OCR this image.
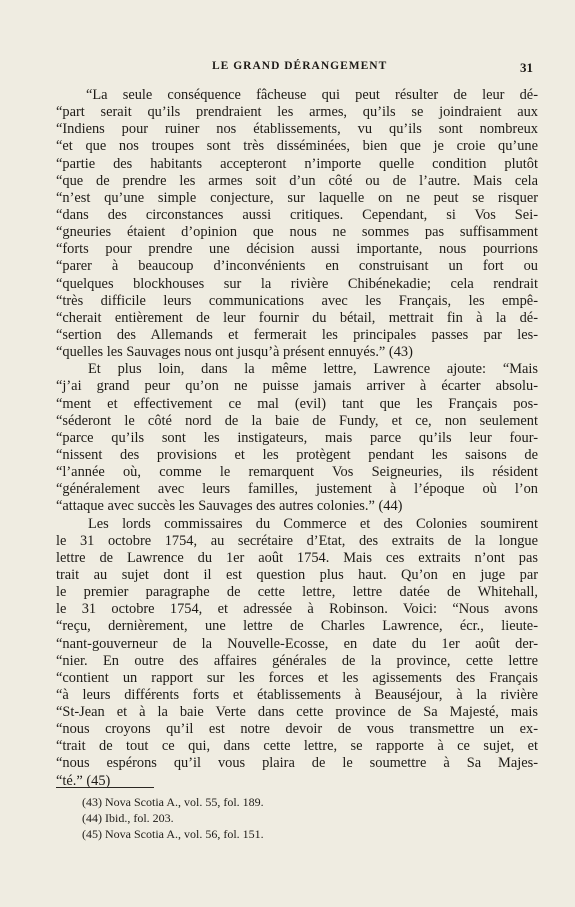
LE GRAND DÉRANGEMENT	31
“La seule conséquence fâcheuse qui peut résulter de leur dé-
“part serait qu’ils prendraient les armes, qu’ils se joindraient aux
“Indiens pour ruiner nos établissements, vu qu’ils sont nombreux
“et que nos troupes sont très disséminées, bien que je croie qu’une
“partie des habitants accepteront n’importe quelle condition plutôt
“que de prendre les armes soit d’un côté ou de l’autre. Mais cela
“n’est qu’une simple conjecture, sur laquelle on ne peut se risquer
“dans des circonstances aussi critiques. Cependant, si Vos Sei-
“gneuries étaient d’opinion que nous ne sommes pas suffisamment
“forts pour prendre une décision aussi importante, nous pourrions
“parer à beaucoup d’inconvénients en construisant un fort ou
“quelques blockhouses sur la rivière Chibénekadie; cela rendrait
“très difficile leurs communications avec les Français, les empê-
“cherait entièrement de leur fournir du bétail, mettrait fin à la dé-
“sertion des Allemands et fermerait les principales passes par les-
“quelles les Sauvages nous ont jusqu’à présent ennuyés.” (43)
Et plus loin, dans la même lettre, Lawrence ajoute: “Mais
“j’ai grand peur qu’on ne puisse jamais arriver à écarter absolu-
“ment et effectivement ce mal (evil) tant que les Français pos-
“séderont le côté nord de la baie de Fundy, et ce, non seulement
“parce qu’ils sont les instigateurs, mais parce qu’ils leur four-
“nissent des provisions et les protègent pendant les saisons de
“l’année où, comme le remarquent Vos Seigneuries, ils résident
“généralement avec leurs familles, justement à l’époque où l’on
“attaque avec succès les Sauvages des autres colonies.” (44)
Les lords commissaires du Commerce et des Colonies soumirent
le 31 octobre 1754, au secrétaire d’Etat, des extraits de la longue
lettre de Lawrence du 1er août 1754. Mais ces extraits n’ont pas
trait au sujet dont il est question plus haut. Qu’on en juge par
le premier paragraphe de cette lettre, lettre datée de Whitehall,
le 31 octobre 1754, et adressée à Robinson. Voici: “Nous avons
“reçu, dernièrement, une lettre de Charles Lawrence, écr., lieute-
“nant-gouverneur de la Nouvelle-Ecosse, en date du 1er août der-
“nier. En outre des affaires générales de la province, cette lettre
“contient un rapport sur les forces et les agissements des Français
“à leurs différents forts et établissements à Beauséjour, à la rivière
“St-Jean et à la baie Verte dans cette province de Sa Majesté, mais
“nous croyons qu’il est notre devoir de vous transmettre un ex-
“trait de tout ce qui, dans cette lettre, se rapporte à ce sujet, et
“nous espérons qu’il vous plaira de le soumettre à Sa Majes-
“té.” (45)
(43) Nova Scotia A., vol. 55, fol. 189.
(44) Ibid., fol. 203.
(45) Nova Scotia A., vol. 56, fol. 151.
